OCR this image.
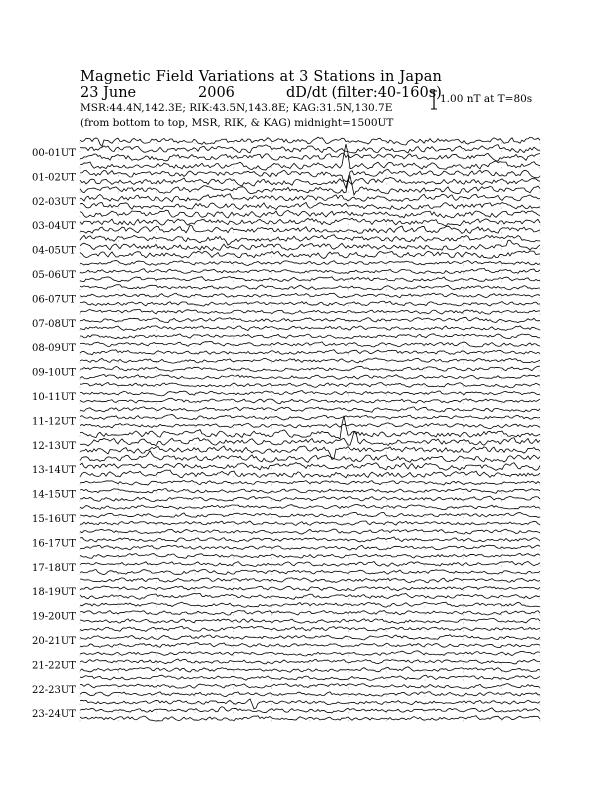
Magnetic Field Variations at 3 Stations in Japan
23 June	2006	dD/dt (filter:40-160s)
MSR:44.4N,142.3E; RIK:43.5N,143.8E; KAG:31.5N,130.7E
(from bottom to top, MSR, RIK, & KAG) midnight=1500UT
1.00 nT at T=80s
00-01UT
01-02UT
02-03UT
03-04UT
04-05UT
05-06UT
06-07UT
07-08UT
08-09UT
09-10UT
10-11UT
11-12UT
12-13UT
13-14UT
14-15UT
15-16UT
16-17UT
17-18UT
18-19UT
19-20UT
20-21UT
21-22UT
22-23UT
23-24UT
